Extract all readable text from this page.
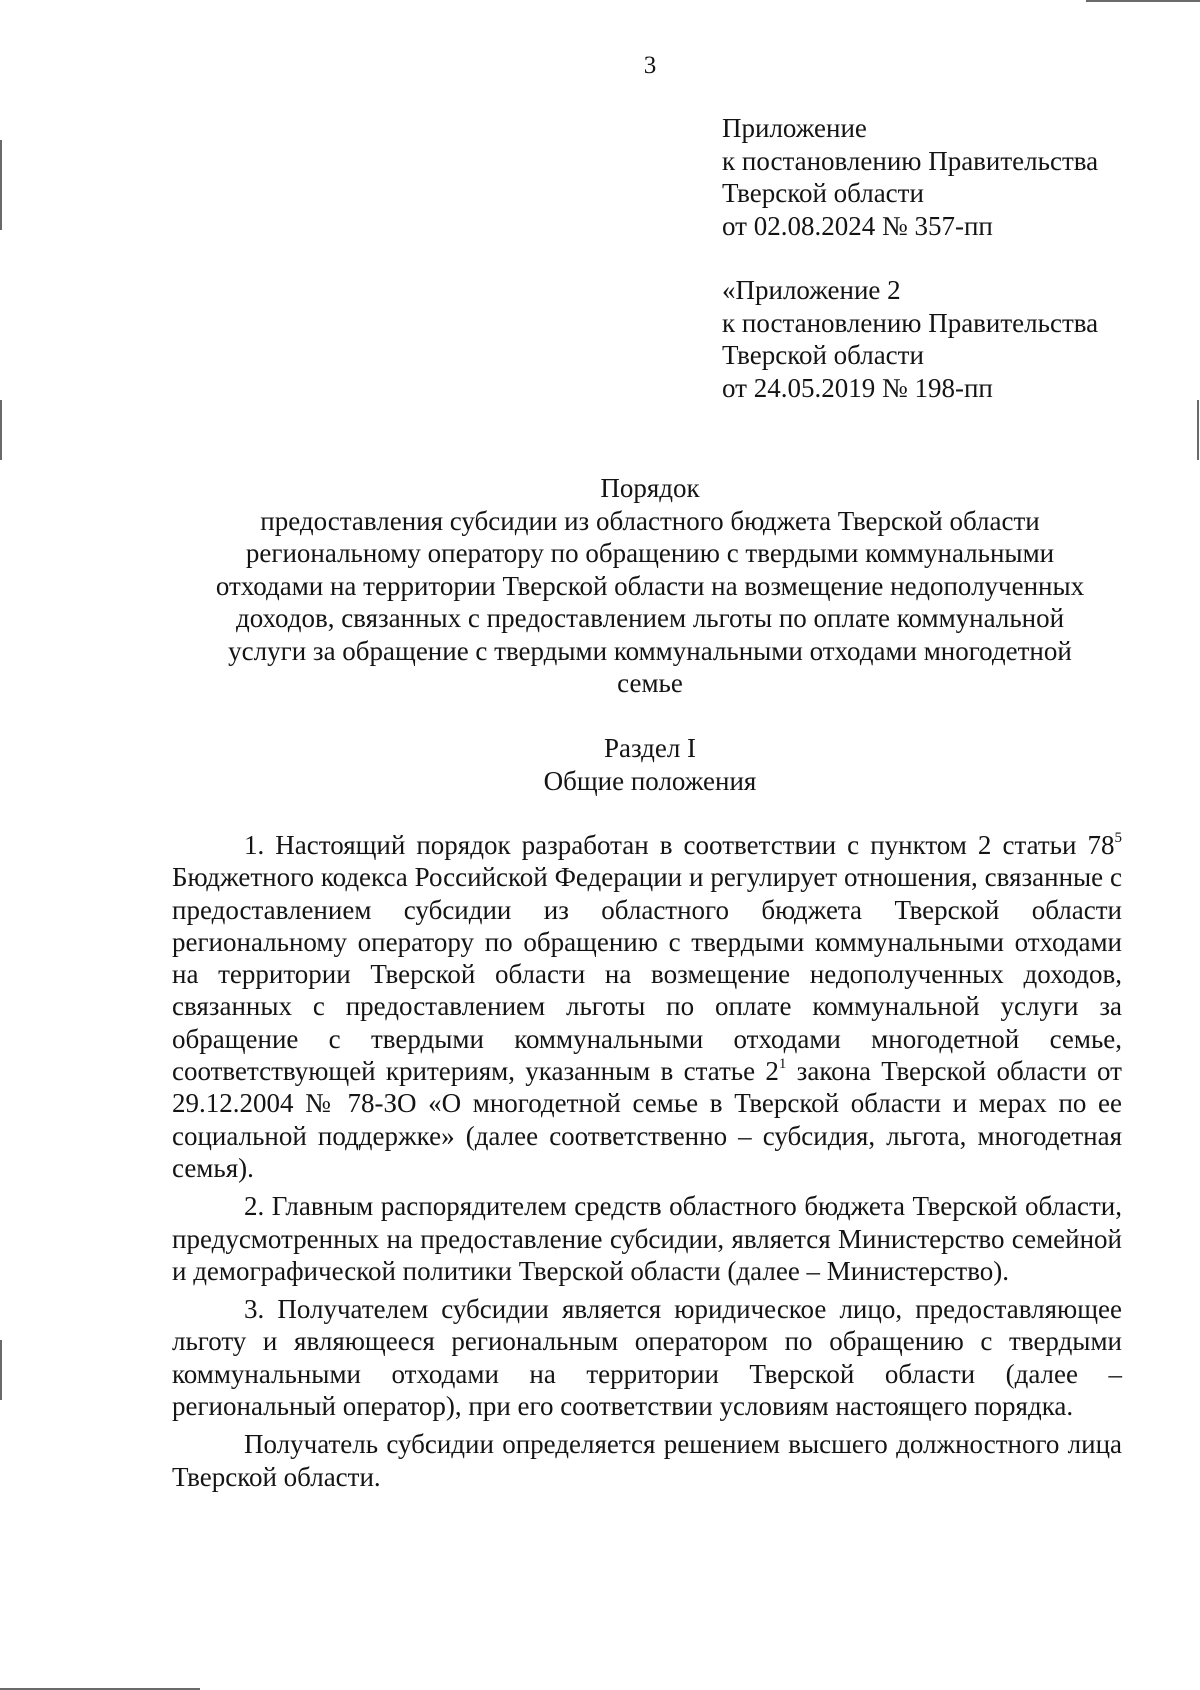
3
Приложение
к постановлению Правительства
Тверской области
от 02.08.2024 № 357-пп
«Приложение 2
к постановлению Правительства
Тверской области
от 24.05.2019 № 198-пп
Порядок
предоставления субсидии из областного бюджета Тверской области
региональному оператору по обращению с твердыми коммунальными
отходами на территории Тверской области на возмещение недополученных
доходов, связанных с предоставлением льготы по оплате коммунальной
услуги за обращение с твердыми коммунальными отходами многодетной
семье
Раздел I
Общие положения

1. Настоящий порядок разработан в соответствии с пунктом 2 статьи $78^5$ Бюджетного кодекса Российской Федерации и регулирует отношения, связанные с предоставлением субсидии из областного бюджета Тверской области региональному оператору по обращению с твердыми коммунальными отходами на территории Тверской области на возмещение недополученных доходов, связанных с предоставлением льготы по оплате коммунальной услуги за обращение с твердыми коммунальными отходами многодетной семье, соответствующей критериям, указанным в статье $2^1$ закона Тверской области от 29.12.2004 № 78-ЗО «О многодетной семье в Тверской области и мерах по ее социальной поддержке» (далее соответственно – субсидия, льгота, многодетная семья).

2. Главным распорядителем средств областного бюджета Тверской области, предусмотренных на предоставление субсидии, является Министерство семейной и демографической политики Тверской области (далее – Министерство).

3. Получателем субсидии является юридическое лицо, предоставляющее льготу и являющееся региональным оператором по обращению с твердыми коммунальными отходами на территории Тверской области (далее – региональный оператор), при его соответствии условиям настоящего порядка.

Получатель субсидии определяется решением высшего должностного лица Тверской области.
